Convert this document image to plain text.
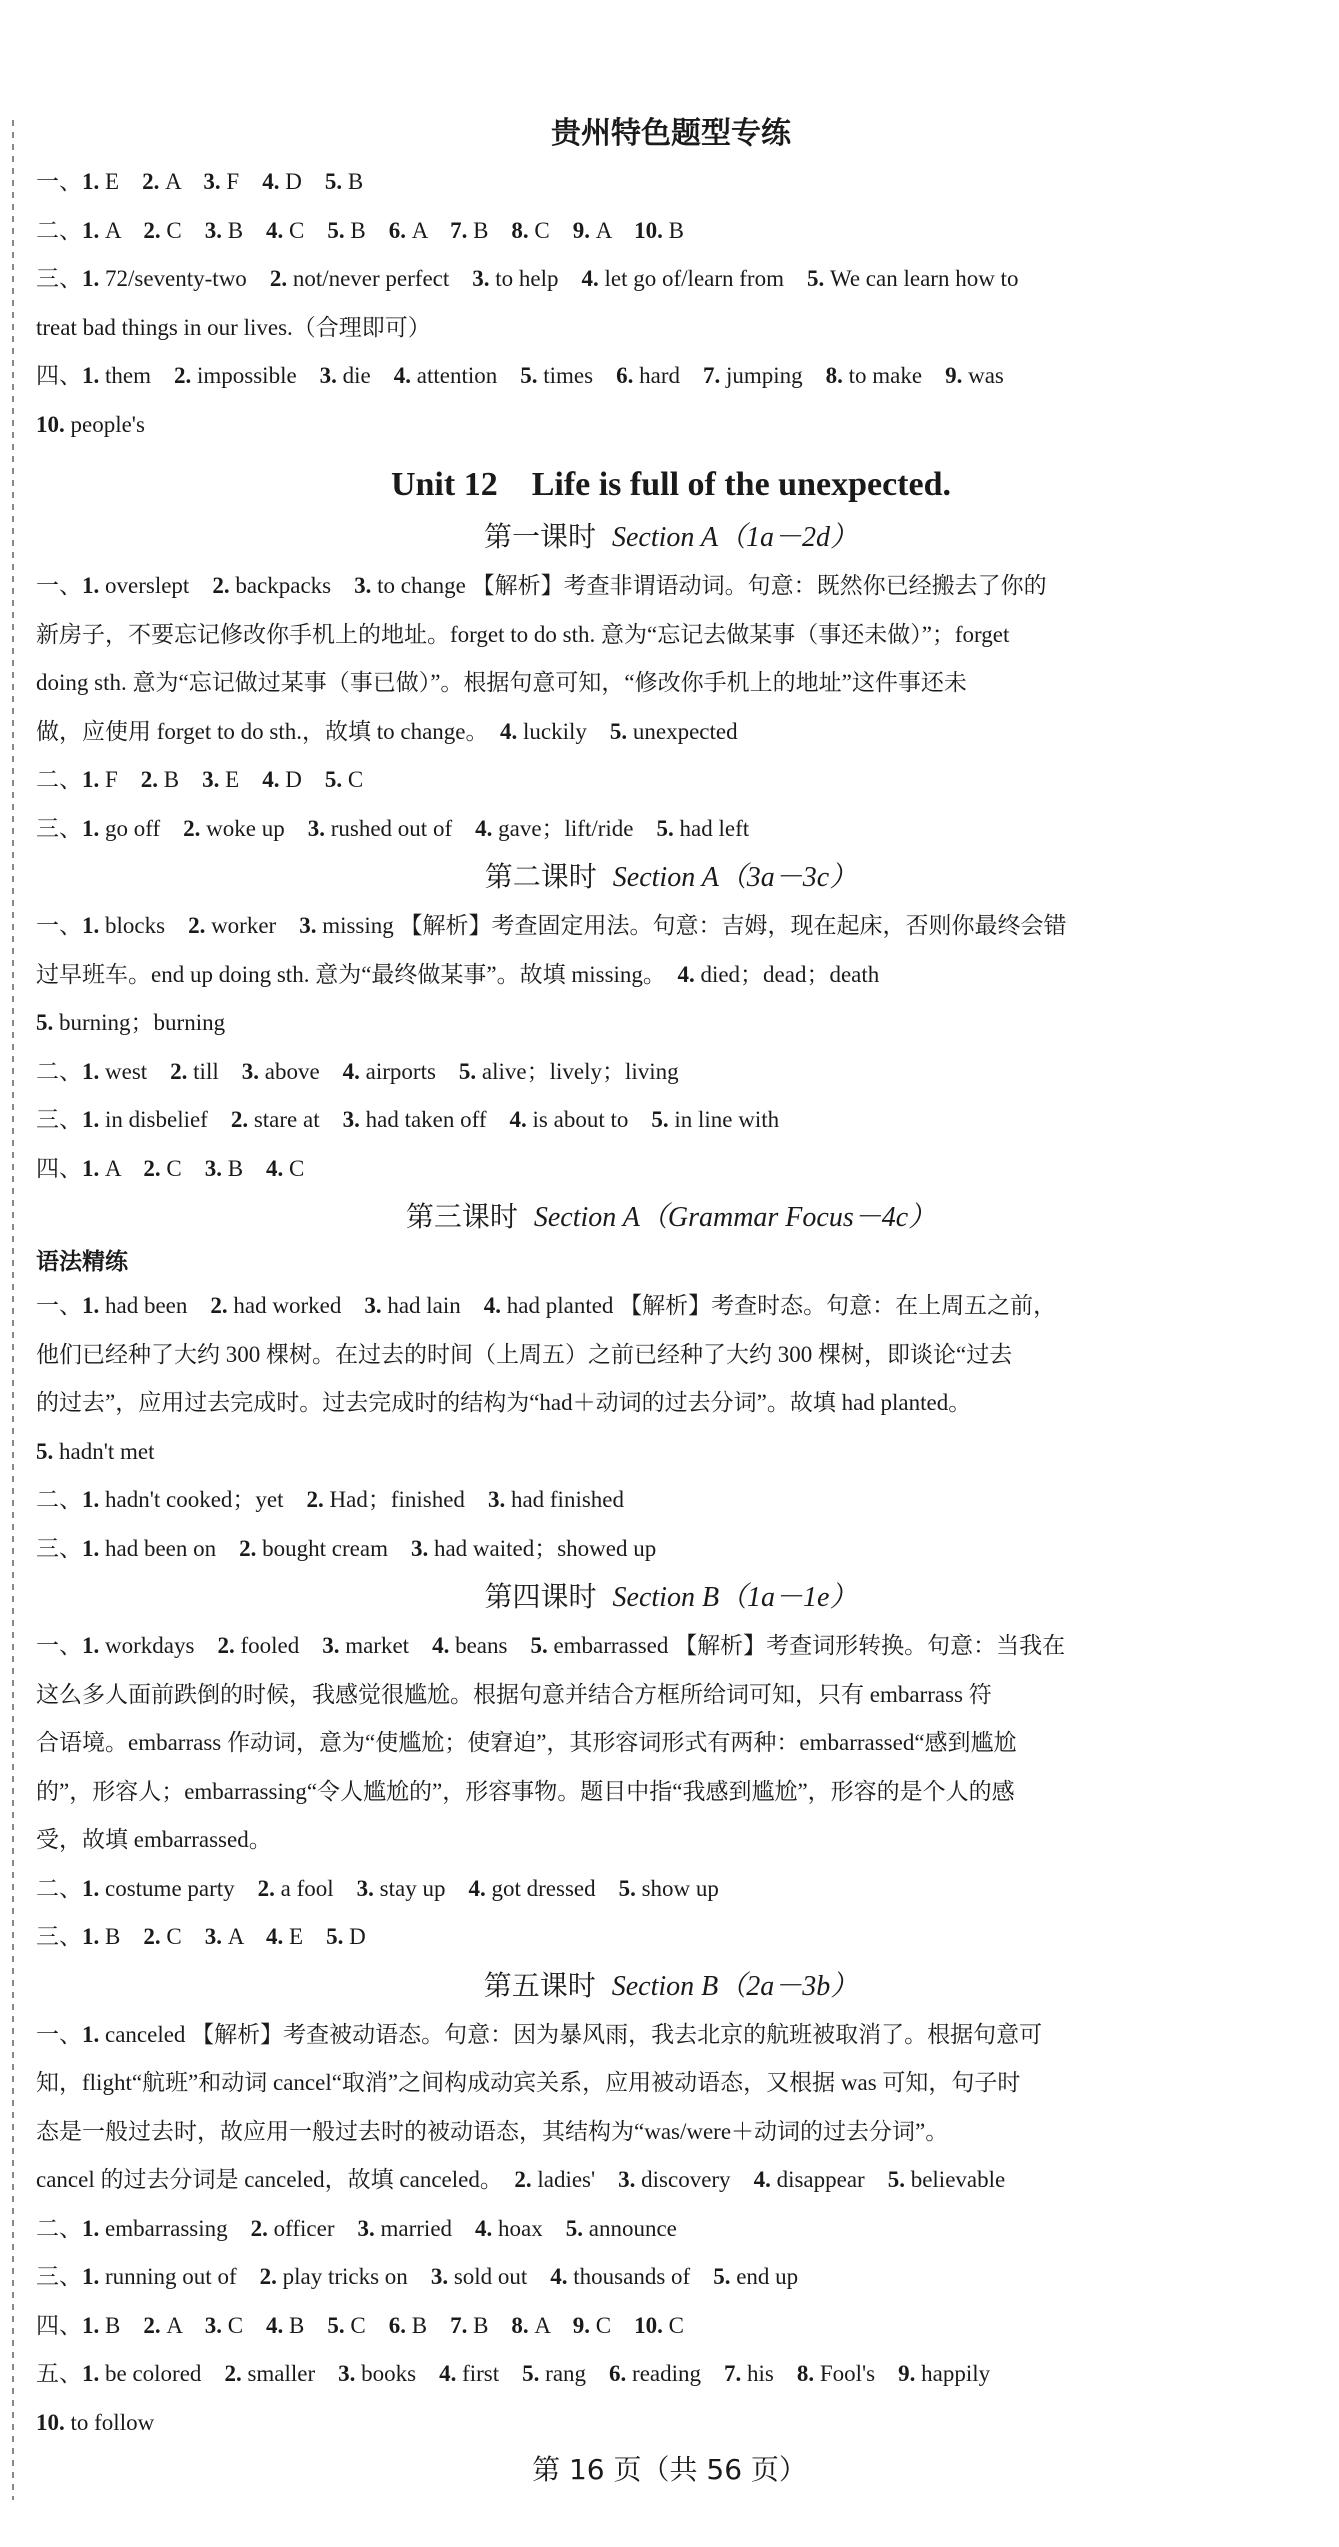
贵州特色题型专练

一、1. E　2. A　3. F　4. D　5. B

二、1. A　2. C　3. B　4. C　5. B　6. A　7. B　8. C　9. A　10. B

三、1. 72/seventy-two　2. not/never perfect　3. to help　4. let go of/learn from　5. We can learn how to

treat bad things in our lives.（合理即可）

四、1. them　2. impossible　3. die　4. attention　5. times　6. hard　7. jumping　8. to make　9. was

10. people's

Unit 12　Life is full of the unexpected.

第一课时 Section A（1a－2d）

一、1. overslept　2. backpacks　3. to change 【解析】考查非谓语动词。句意：既然你已经搬去了你的

新房子，不要忘记修改你手机上的地址。forget to do sth. 意为“忘记去做某事（事还未做）”；forget

doing sth. 意为“忘记做过某事（事已做）”。根据句意可知，“修改你手机上的地址”这件事还未

做，应使用 forget to do sth.，故填 to change。　4. luckily　5. unexpected

二、1. F　2. B　3. E　4. D　5. C

三、1. go off　2. woke up　3. rushed out of　4. gave；lift/ride　5. had left

第二课时 Section A（3a－3c）

一、1. blocks　2. worker　3. missing 【解析】考查固定用法。句意：吉姆，现在起床，否则你最终会错

过早班车。end up doing sth. 意为“最终做某事”。故填 missing。　4. died；dead；death

5. burning；burning

二、1. west　2. till　3. above　4. airports　5. alive；lively；living

三、1. in disbelief　2. stare at　3. had taken off　4. is about to　5. in line with

四、1. A　2. C　3. B　4. C

第三课时 Section A（Grammar Focus－4c）

语法精练

一、1. had been　2. had worked　3. had lain　4. had planted 【解析】考查时态。句意：在上周五之前，

他们已经种了大约 300 棵树。在过去的时间（上周五）之前已经种了大约 300 棵树，即谈论“过去

的过去”，应用过去完成时。过去完成时的结构为“had＋动词的过去分词”。故填 had planted。

5. hadn't met

二、1. hadn't cooked；yet　2. Had；finished　3. had finished

三、1. had been on　2. bought cream　3. had waited；showed up

第四课时 Section B（1a－1e）

一、1. workdays　2. fooled　3. market　4. beans　5. embarrassed 【解析】考查词形转换。句意：当我在

这么多人面前跌倒的时候，我感觉很尴尬。根据句意并结合方框所给词可知，只有 embarrass 符

合语境。embarrass 作动词，意为“使尴尬；使窘迫”，其形容词形式有两种：embarrassed“感到尴尬

的”，形容人；embarrassing“令人尴尬的”，形容事物。题目中指“我感到尴尬”，形容的是个人的感

受，故填 embarrassed。

二、1. costume party　2. a fool　3. stay up　4. got dressed　5. show up

三、1. B　2. C　3. A　4. E　5. D

第五课时 Section B（2a－3b）

一、1. canceled 【解析】考查被动语态。句意：因为暴风雨，我去北京的航班被取消了。根据句意可

知，flight“航班”和动词 cancel“取消”之间构成动宾关系，应用被动语态，又根据 was 可知，句子时

态是一般过去时，故应用一般过去时的被动语态，其结构为“was/were＋动词的过去分词”。

cancel 的过去分词是 canceled，故填 canceled。　2. ladies'　3. discovery　4. disappear　5. believable

二、1. embarrassing　2. officer　3. married　4. hoax　5. announce

三、1. running out of　2. play tricks on　3. sold out　4. thousands of　5. end up

四、1. B　2. A　3. C　4. B　5. C　6. B　7. B　8. A　9. C　10. C

五、1. be colored　2. smaller　3. books　4. first　5. rang　6. reading　7. his　8. Fool's　9. happily

10. to follow

第 16 页（共 56 页）
